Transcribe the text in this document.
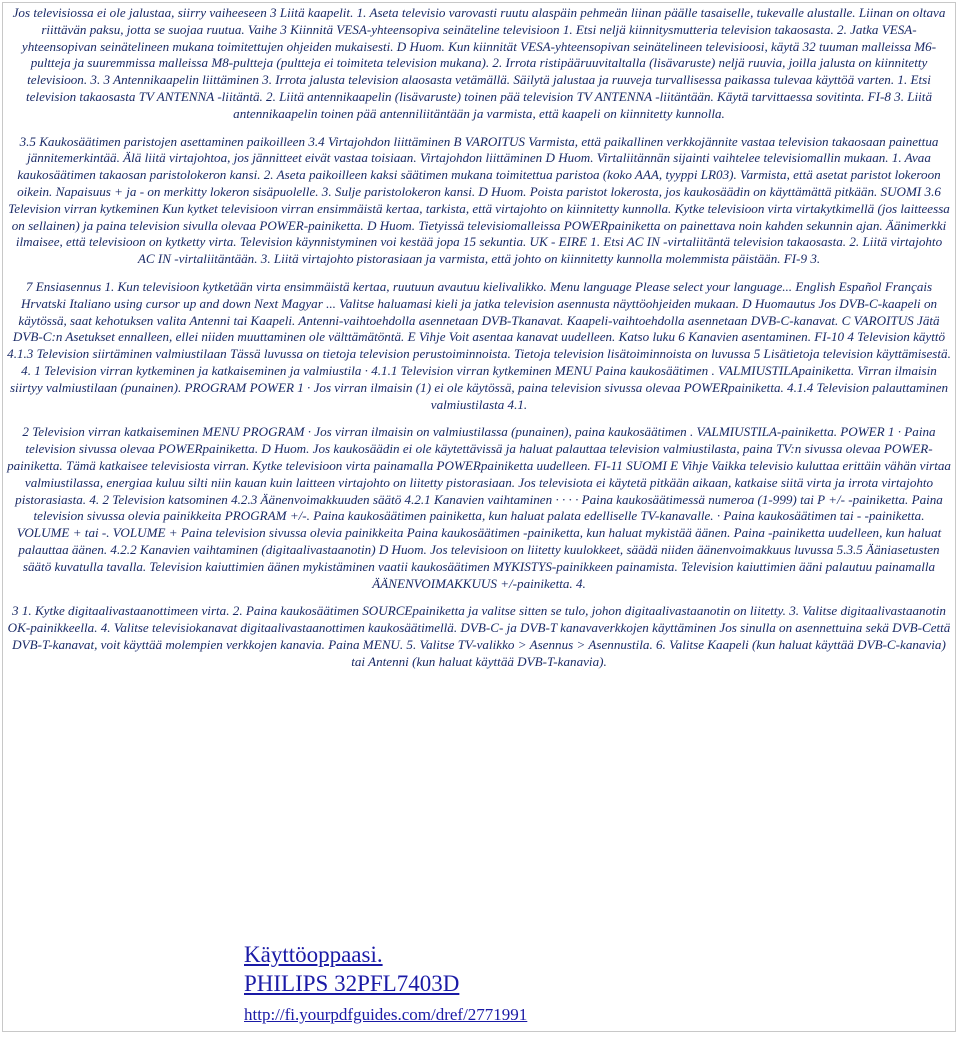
Jos televisiossa ei ole jalustaa, siirry vaiheeseen 3 Liitä kaapelit. 1. Aseta televisio varovasti ruutu alaspäin pehmeän liinan päälle tasaiselle, tukevalle alustalle. Liinan on oltava riittävän paksu, jotta se suojaa ruutua. Vaihe 3 Kiinnitä VESA-yhteensopiva seinäteline televisioon 1. Etsi neljä kiinnitysmutteria television takaosasta. 2. Jatka VESA-yhteensopivan seinätelineen mukana toimitettujen ohjeiden mukaisesti. D Huom. Kun kiinnität VESA-yhteensopivan seinätelineen televisioosi, käytä 32 tuuman malleissa M6-pultteja ja suuremmissa malleissa M8-pultteja (pultteja ei toimiteta television mukana). 2. Irrota ristipääruuvitaltalla (lisävaruste) neljä ruuvia, joilla jalusta on kiinnitetty televisioon. 3. 3 Antennikaapelin liittäminen 3. Irrota jalusta television alaosasta vetämällä. Säilytä jalustaa ja ruuveja turvallisessa paikassa tulevaa käyttöä varten. 1. Etsi television takaosasta TV ANTENNA -liitäntä. 2. Liitä antennikaapelin (lisävaruste) toinen pää television TV ANTENNA -liitäntään. Käytä tarvittaessa sovitinta. FI-8 3. Liitä antennikaapelin toinen pää antenniliitäntään ja varmista, että kaapeli on kiinnitetty kunnolla.
3.5 Kaukosäätimen paristojen asettaminen paikoilleen 3.4 Virtajohdon liittäminen B VAROITUS Varmista, että paikallinen verkkojännite vastaa television takaosaan painettua jännitemerkintää. Älä liitä virtajohtoa, jos jännitteet eivät vastaa toisiaan. Virtajohdon liittäminen D Huom. Virtaliitännän sijainti vaihtelee televisiomallin mukaan. 1. Avaa kaukosäätimen takaosan paristolokeron kansi. 2. Aseta paikoilleen kaksi säätimen mukana toimitettua paristoa (koko AAA, tyyppi LR03). Varmista, että asetat paristot lokeroon oikein. Napaisuus + ja - on merkitty lokeron sisäpuolelle. 3. Sulje paristolokeron kansi. D Huom. Poista paristot lokerosta, jos kaukosäädin on käyttämättä pitkään. SUOMI 3.6 Television virran kytkeminen Kun kytket televisioon virran ensimmäistä kertaa, tarkista, että virtajohto on kiinnitetty kunnolla. Kytke televisioon virta virtakytkimellä (jos laitteessa on sellainen) ja paina television sivulla olevaa POWER-painiketta. D Huom. Tietyissä televisiomalleissa POWERpainiketta on painettava noin kahden sekunnin ajan. Äänimerkki ilmaisee, että televisioon on kytketty virta. Television käynnistyminen voi kestää jopa 15 sekuntia. UK - EIRE 1. Etsi AC IN -virtaliitäntä television takaosasta. 2. Liitä virtajohto AC IN -virtaliitäntään. 3. Liitä virtajohto pistorasiaan ja varmista, että johto on kiinnitetty kunnolla molemmista päistään. FI-9 3.
7 Ensiasennus 1. Kun televisioon kytketään virta ensimmäistä kertaa, ruutuun avautuu kielivalikko. Menu language Please select your language... English Español Français Hrvatski Italiano using cursor up and down Next Magyar ... Valitse haluamasi kieli ja jatka television asennusta näyttöohjeiden mukaan. D Huomautus Jos DVB-C-kaapeli on käytössä, saat kehotuksen valita Antenni tai Kaapeli. Antenni-vaihtoehdolla asennetaan DVB-Tkanavat. Kaapeli-vaihtoehdolla asennetaan DVB-C-kanavat. C VAROITUS Jätä DVB-C:n Asetukset ennalleen, ellei niiden muuttaminen ole välttämätöntä. E Vihje Voit asentaa kanavat uudelleen. Katso luku 6 Kanavien asentaminen. FI-10 4 Television käyttö 4.1.3 Television siirtäminen valmiustilaan Tässä luvussa on tietoja television perustoiminnoista. Tietoja television lisätoiminnoista on luvussa 5 Lisätietoja television käyttämisestä. 4. 1 Television virran kytkeminen ja katkaiseminen ja valmiustila · 4.1.1 Television virran kytkeminen MENU Paina kaukosäätimen . VALMIUSTILApainiketta. Virran ilmaisin siirtyy valmiustilaan (punainen). PROGRAM POWER 1 · Jos virran ilmaisin (1) ei ole käytössä, paina television sivussa olevaa POWERpainiketta. 4.1.4 Television palauttaminen valmiustilasta 4.1.
2 Television virran katkaiseminen MENU PROGRAM · Jos virran ilmaisin on valmiustilassa (punainen), paina kaukosäätimen . VALMIUSTILA-painiketta. POWER 1 · Paina television sivussa olevaa POWERpainiketta. D Huom. Jos kaukosäädin ei ole käytettävissä ja haluat palauttaa television valmiustilasta, paina TV:n sivussa olevaa POWER-painiketta. Tämä katkaisee televisiosta virran. Kytke televisioon virta painamalla POWERpainiketta uudelleen. FI-11 SUOMI E Vihje Vaikka televisio kuluttaa erittäin vähän virtaa valmiustilassa, energiaa kuluu silti niin kauan kuin laitteen virtajohto on liitetty pistorasiaan. Jos televisiota ei käytetä pitkään aikaan, katkaise siitä virta ja irrota virtajohto pistorasiasta. 4. 2 Television katsominen 4.2.3 Äänenvoimakkuuden säätö 4.2.1 Kanavien vaihtaminen · · · · Paina kaukosäätimessä numeroa (1-999) tai P +/- -painiketta. Paina television sivussa olevia painikkeita PROGRAM +/-. Paina kaukosäätimen painiketta, kun haluat palata edelliselle TV-kanavalle. · Paina kaukosäätimen tai - -painiketta. VOLUME + tai -. VOLUME + Paina television sivussa olevia painikkeita Paina kaukosäätimen -painiketta, kun haluat mykistää äänen. Paina -painiketta uudelleen, kun haluat palauttaa äänen. 4.2.2 Kanavien vaihtaminen (digitaalivastaanotin) D Huom. Jos televisioon on liitetty kuulokkeet, säädä niiden äänenvoimakkuus luvussa 5.3.5 Ääniasetusten säätö kuvatulla tavalla. Television kaiuttimien äänen mykistäminen vaatii kaukosäätimen MYKISTYS-painikkeen painamista. Television kaiuttimien ääni palautuu painamalla ÄÄNENVOIMAKKUUS +/-painiketta. 4.
3 1. Kytke digitaalivastaanottimeen virta. 2. Paina kaukosäätimen SOURCEpainiketta ja valitse sitten se tulo, johon digitaalivastaanotin on liitetty. 3. Valitse digitaalivastaanotin OK-painikkeella. 4. Valitse televisiokanavat digitaalivastaanottimen kaukosäätimellä. DVB-C- ja DVB-T kanavaverkkojen käyttäminen Jos sinulla on asennettuina sekä DVB-Cettä DVB-T-kanavat, voit käyttää molempien verkkojen kanavia. Paina MENU. 5. Valitse TV-valikko > Asennus > Asennustila. 6. Valitse Kaapeli (kun haluat käyttää DVB-C-kanavia) tai Antenni (kun haluat käyttää DVB-T-kanavia).
Käyttöoppaasi.
PHILIPS 32PFL7403D
http://fi.yourpdfguides.com/dref/2771991
